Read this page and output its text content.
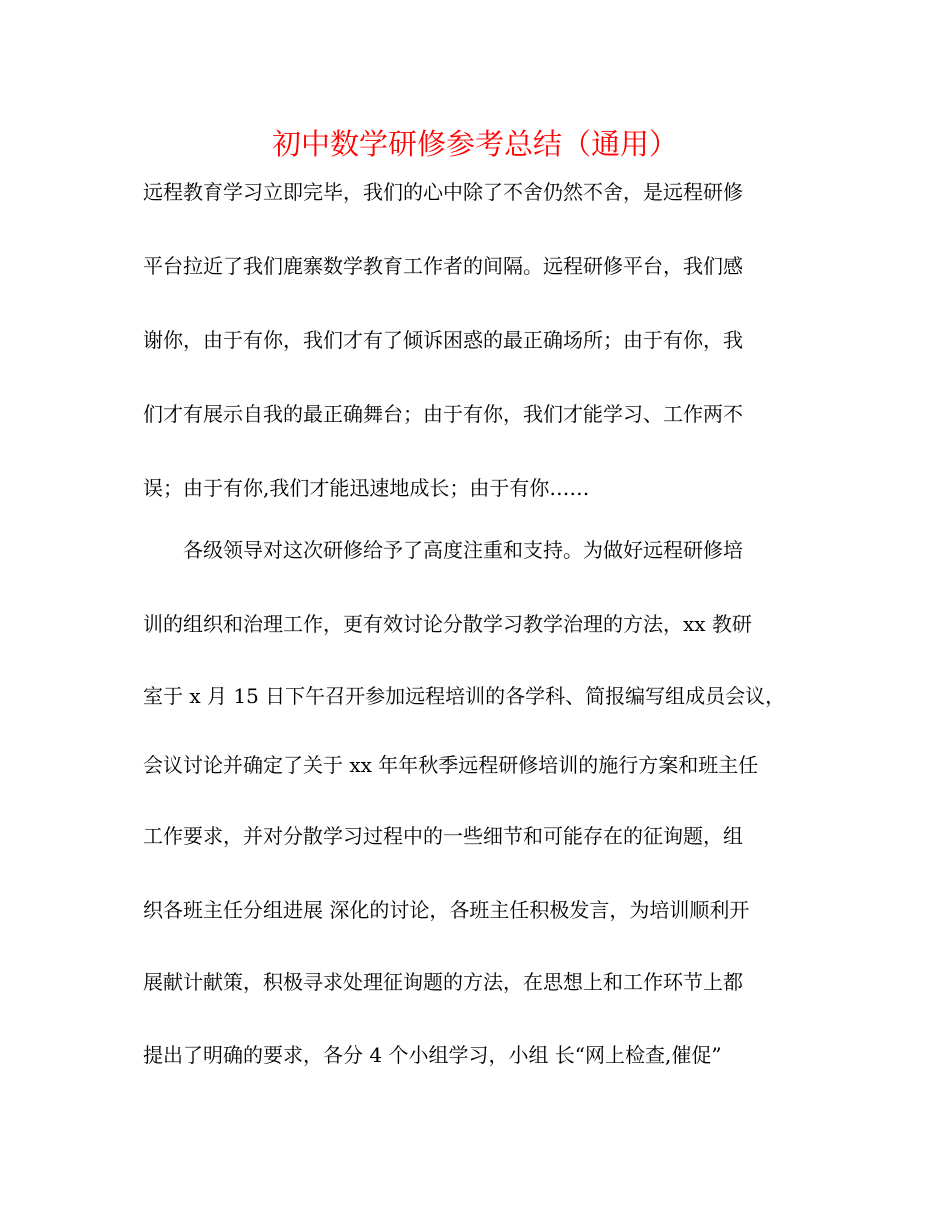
初中数学研修参考总结（通用）
远程教育学习立即完毕，我们的心中除了不舍仍然不舍，是远程研修
平台拉近了我们鹿寨数学教育工作者的间隔。远程研修平台，我们感
谢你，由于有你，我们才有了倾诉困惑的最正确场所；由于有你，我
们才有展示自我的最正确舞台；由于有你，我们才能学习、工作两不
误；由于有你,我们才能迅速地成长；由于有你……
　　各级领导对这次研修给予了高度注重和支持。为做好远程研修培
训的组织和治理工作，更有效讨论分散学习教学治理的方法，xx 教研
室于 x 月 15 日下午召开参加远程培训的各学科、简报编写组成员会议，
会议讨论并确定了关于 xx 年年秋季远程研修培训的施行方案和班主任
工作要求，并对分散学习过程中的一些细节和可能存在的征询题，组
织各班主任分组进展 深化的讨论，各班主任积极发言，为培训顺利开
展献计献策，积极寻求处理征询题的方法，在思想上和工作环节上都
提出了明确的要求，各分 4 个小组学习，小组 长“网上检查,催促”
